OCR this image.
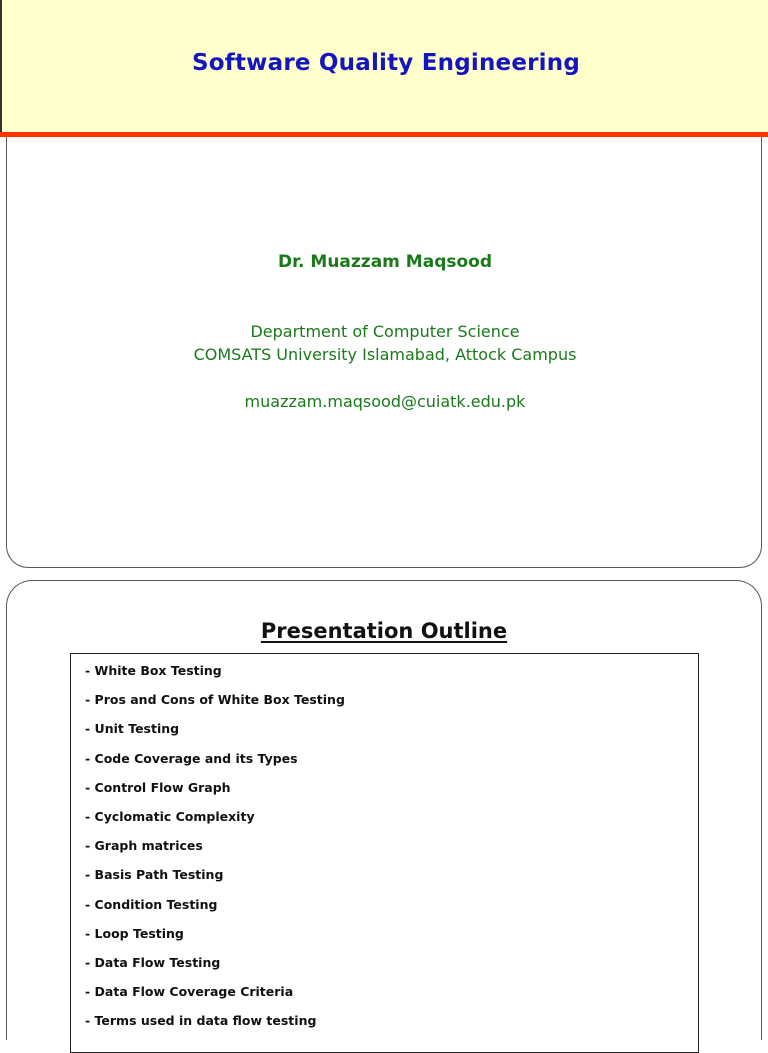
Software Quality Engineering
Dr. Muazzam Maqsood
Department of Computer Science
COMSATS University Islamabad, Attock Campus
muazzam.maqsood@cuiatk.edu.pk
Presentation Outline
- White Box Testing
- Pros and Cons of White Box Testing
- Unit Testing
- Code Coverage and its Types
- Control Flow Graph
- Cyclomatic Complexity
- Graph matrices
- Basis Path Testing
- Condition Testing
- Loop Testing
- Data Flow Testing
- Data Flow Coverage Criteria
- Terms used in data flow testing
